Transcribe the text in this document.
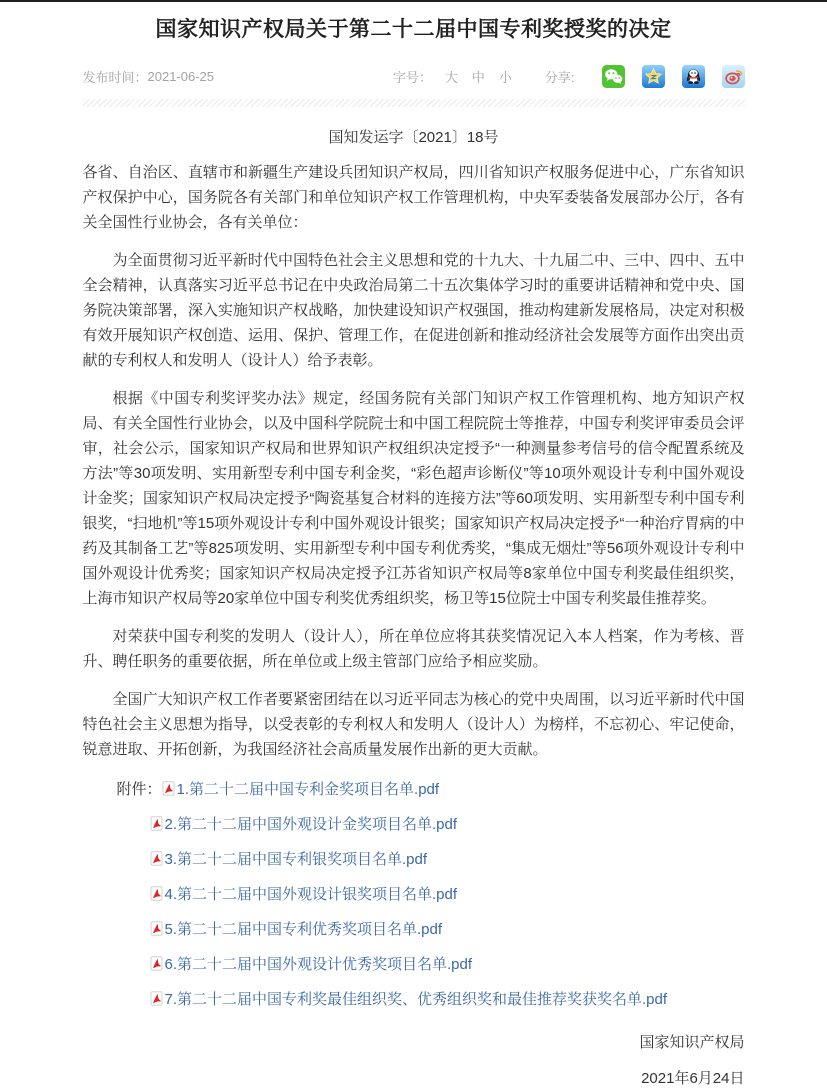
国家知识产权局关于第二十二届中国专利奖授奖的决定
发布时间： 2021-06-25	字号： 大 中 小	分享:
国知发运字〔2021〕18号

各省、自治区、直辖市和新疆生产建设兵团知识产权局，四川省知识产权服务促进中心，广东省知识产权保护中心，国务院各有关部门和单位知识产权工作管理机构，中央军委装备发展部办公厅，各有关全国性行业协会，各有关单位：

为全面贯彻习近平新时代中国特色社会主义思想和党的十九大、十九届二中、三中、四中、五中全会精神，认真落实习近平总书记在中央政治局第二十五次集体学习时的重要讲话精神和党中央、国务院决策部署，深入实施知识产权战略，加快建设知识产权强国，推动构建新发展格局，决定对积极有效开展知识产权创造、运用、保护、管理工作，在促进创新和推动经济社会发展等方面作出突出贡献的专利权人和发明人（设计人）给予表彰。

根据《中国专利奖评奖办法》规定，经国务院有关部门知识产权工作管理机构、地方知识产权局、有关全国性行业协会，以及中国科学院院士和中国工程院院士等推荐，中国专利奖评审委员会评审，社会公示，国家知识产权局和世界知识产权组织决定授予“一种测量参考信号的信令配置系统及方法”等30项发明、实用新型专利中国专利金奖，“彩色超声诊断仪”等10项外观设计专利中国外观设计金奖；国家知识产权局决定授予“陶瓷基复合材料的连接方法”等60项发明、实用新型专利中国专利银奖，“扫地机”等15项外观设计专利中国外观设计银奖；国家知识产权局决定授予“一种治疗胃病的中药及其制备工艺”等825项发明、实用新型专利中国专利优秀奖，“集成无烟灶”等56项外观设计专利中国外观设计优秀奖；国家知识产权局决定授予江苏省知识产权局等8家单位中国专利奖最佳组织奖，上海市知识产权局等20家单位中国专利奖优秀组织奖，杨卫等15位院士中国专利奖最佳推荐奖。

对荣获中国专利奖的发明人（设计人），所在单位应将其获奖情况记入本人档案，作为考核、晋升、聘任职务的重要依据，所在单位或上级主管部门应给予相应奖励。

全国广大知识产权工作者要紧密团结在以习近平同志为核心的党中央周围，以习近平新时代中国特色社会主义思想为指导，以受表彰的专利权人和发明人（设计人）为榜样，不忘初心、牢记使命，锐意进取、开拓创新，为我国经济社会高质量发展作出新的更大贡献。

附件： 1.第二十二届中国专利金奖项目名单.pdf
2.第二十二届中国外观设计金奖项目名单.pdf
3.第二十二届中国专利银奖项目名单.pdf
4.第二十二届中国外观设计银奖项目名单.pdf
5.第二十二届中国专利优秀奖项目名单.pdf
6.第二十二届中国外观设计优秀奖项目名单.pdf
7.第二十二届中国专利奖最佳组织奖、优秀组织奖和最佳推荐奖获奖名单.pdf
国家知识产权局
2021年6月24日
